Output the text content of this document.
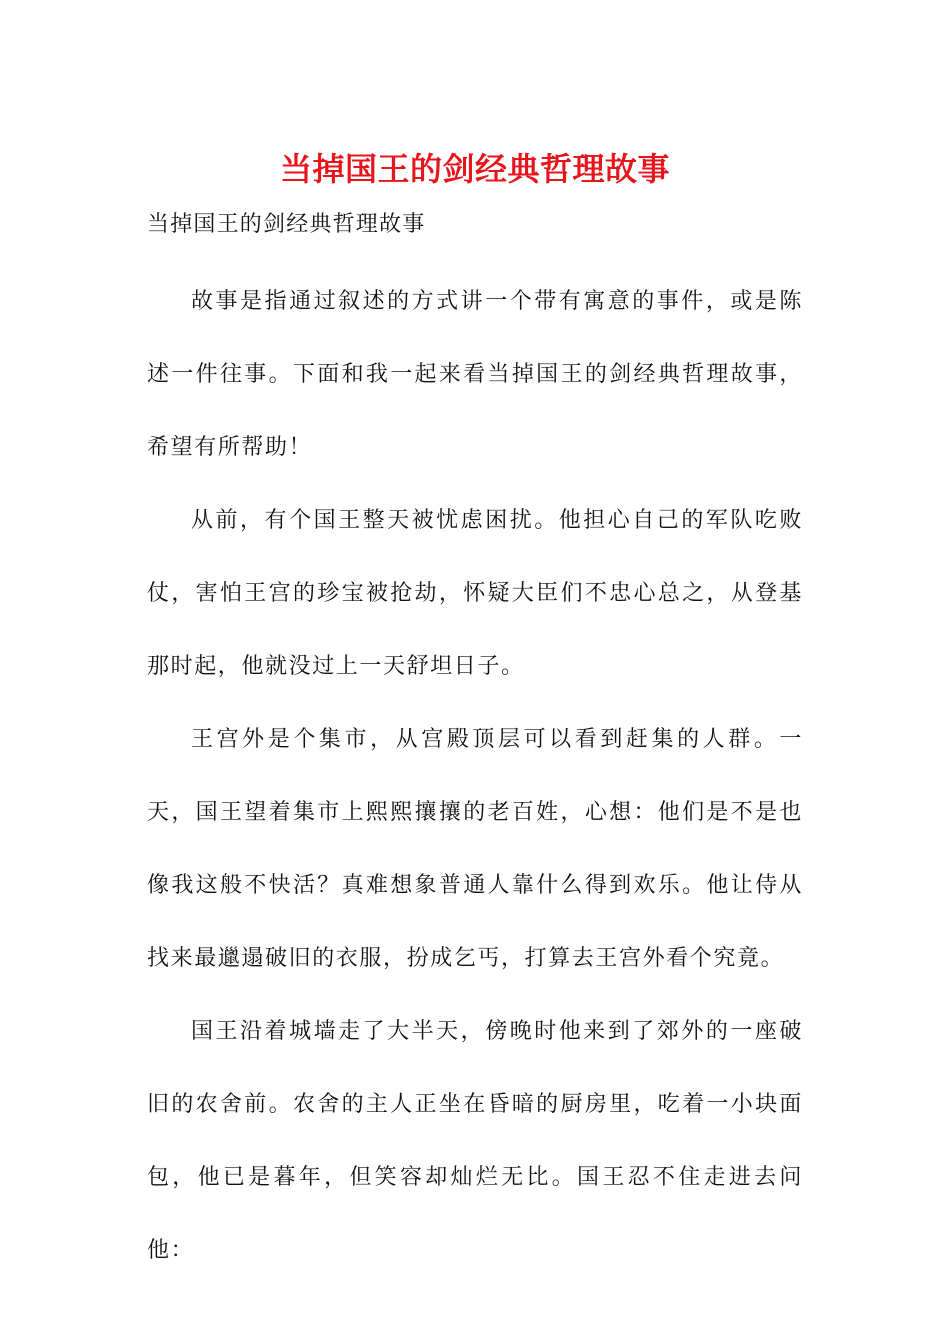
当掉国王的剑经典哲理故事
当掉国王的剑经典哲理故事

故事是指通过叙述的方式讲一个带有寓意的事件，或是陈述一件往事。下面和我一起来看当掉国王的剑经典哲理故事，希望有所帮助！

从前，有个国王整天被忧虑困扰。他担心自己的军队吃败仗，害怕王宫的珍宝被抢劫，怀疑大臣们不忠心总之，从登基那时起，他就没过上一天舒坦日子。

王宫外是个集市，从宫殿顶层可以看到赶集的人群。一天，国王望着集市上熙熙攘攘的老百姓，心想：他们是不是也像我这般不快活？真难想象普通人靠什么得到欢乐。他让侍从找来最邋遢破旧的衣服，扮成乞丐，打算去王宫外看个究竟。

国王沿着城墙走了大半天，傍晚时他来到了郊外的一座破旧的农舍前。农舍的主人正坐在昏暗的厨房里，吃着一小块面包，他已是暮年，但笑容却灿烂无比。国王忍不住走进去问他：
